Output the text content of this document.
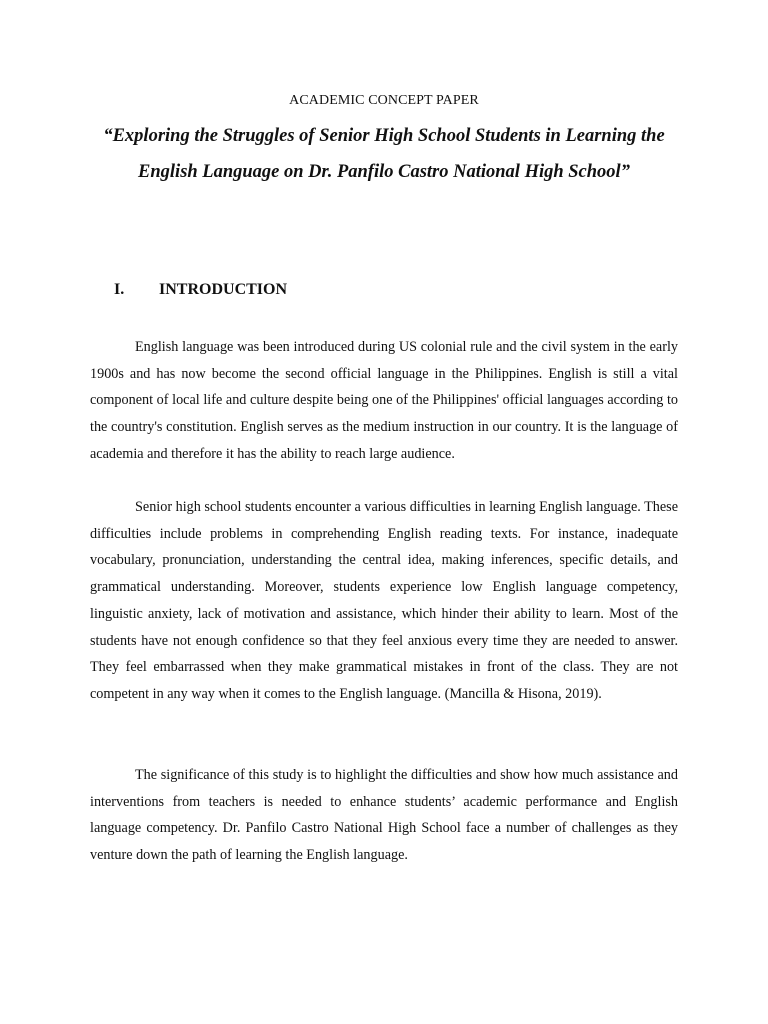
ACADEMIC CONCEPT PAPER
“Exploring the Struggles of Senior High School Students in Learning the English Language on Dr. Panfilo Castro National High School”
I. INTRODUCTION

English language was been introduced during US colonial rule and the civil system in the early 1900s and has now become the second official language in the Philippines. English is still a vital component of local life and culture despite being one of the Philippines' official languages according to the country's constitution. English serves as the medium instruction in our country. It is the language of academia and therefore it has the ability to reach large audience.

Senior high school students encounter a various difficulties in learning English language. These difficulties include problems in comprehending English reading texts. For instance, inadequate vocabulary, pronunciation, understanding the central idea, making inferences, specific details, and grammatical understanding. Moreover, students experience low English language competency, linguistic anxiety, lack of motivation and assistance, which hinder their ability to learn. Most of the students have not enough confidence so that they feel anxious every time they are needed to answer. They feel embarrassed when they make grammatical mistakes in front of the class. They are not competent in any way when it comes to the English language. (Mancilla & Hisona, 2019).

The significance of this study is to highlight the difficulties and show how much assistance and interventions from teachers is needed to enhance students’ academic performance and English language competency. Dr. Panfilo Castro National High School face a number of challenges as they venture down the path of learning the English language.
